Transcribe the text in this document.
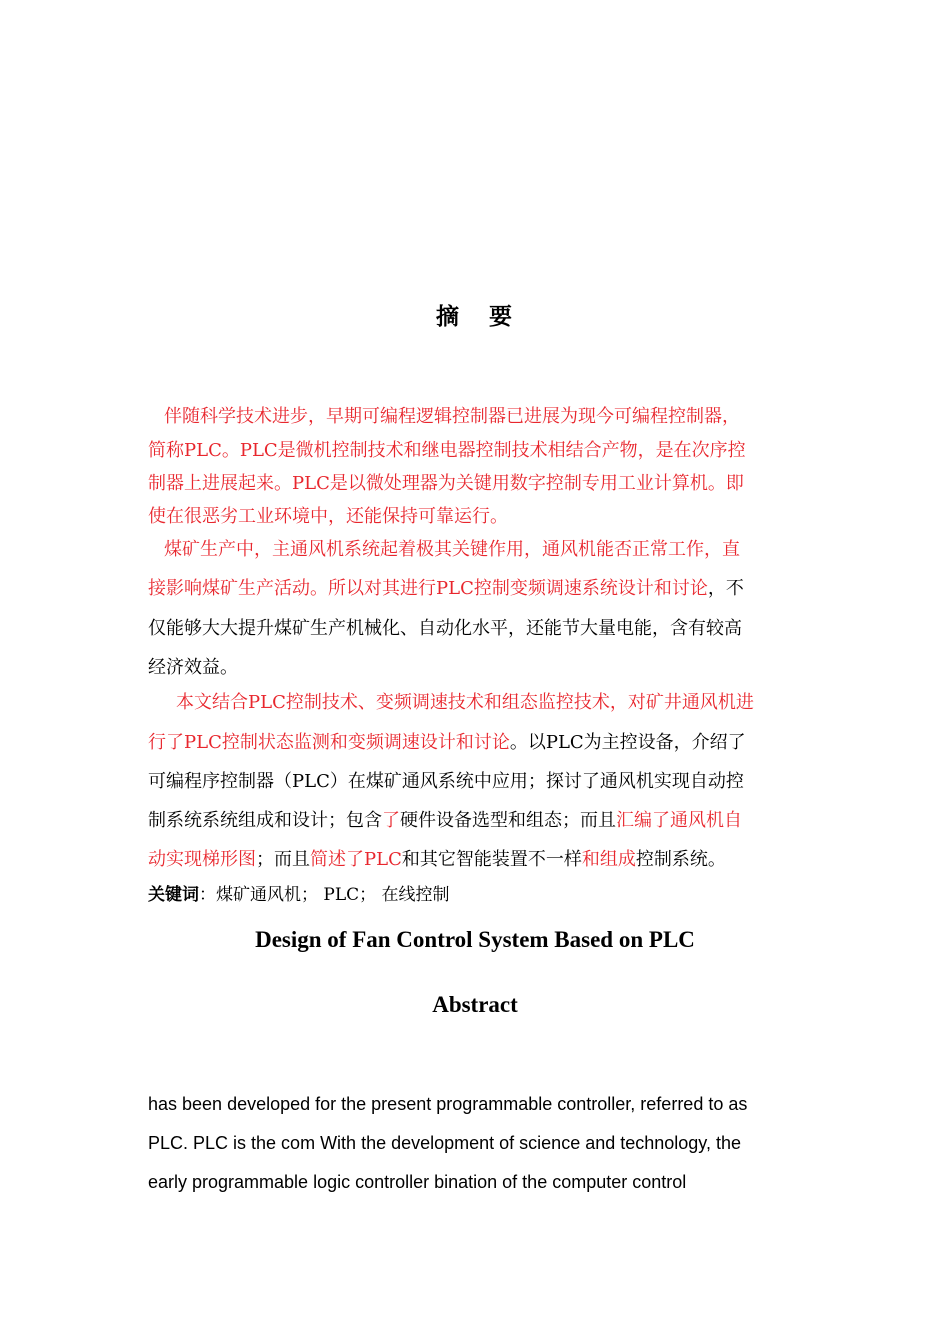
摘 要
伴随科学技术进步，早期可编程逻辑控制器已进展为现今可编程控制器，
简称PLC。PLC是微机控制技术和继电器控制技术相结合产物，是在次序控
制器上进展起来。PLC是以微处理器为关键用数字控制专用工业计算机。即
使在很恶劣工业环境中，还能保持可靠运行。
煤矿生产中，主通风机系统起着极其关键作用，通风机能否正常工作，直
接影响煤矿生产活动。所以对其进行PLC控制变频调速系统设计和讨论，不
仅能够大大提升煤矿生产机械化、自动化水平，还能节大量电能，含有较高
经济效益。
本文结合PLC控制技术、变频调速技术和组态监控技术，对矿井通风机进
行了PLC控制状态监测和变频调速设计和讨论。以PLC为主控设备，介绍了
可编程序控制器（PLC）在煤矿通风系统中应用；探讨了通风机实现自动控
制系统系统组成和设计；包含了硬件设备选型和组态；而且汇编了通风机自
动实现梯形图；而且简述了PLC和其它智能装置不一样和组成控制系统。
关键词：煤矿通风机； PLC； 在线控制
Design of Fan Control System Based on PLC
Abstract
has been developed for the present programmable controller, referred to as
PLC. PLC is the com With the development of science and technology, the
early programmable logic controller bination of the computer control
